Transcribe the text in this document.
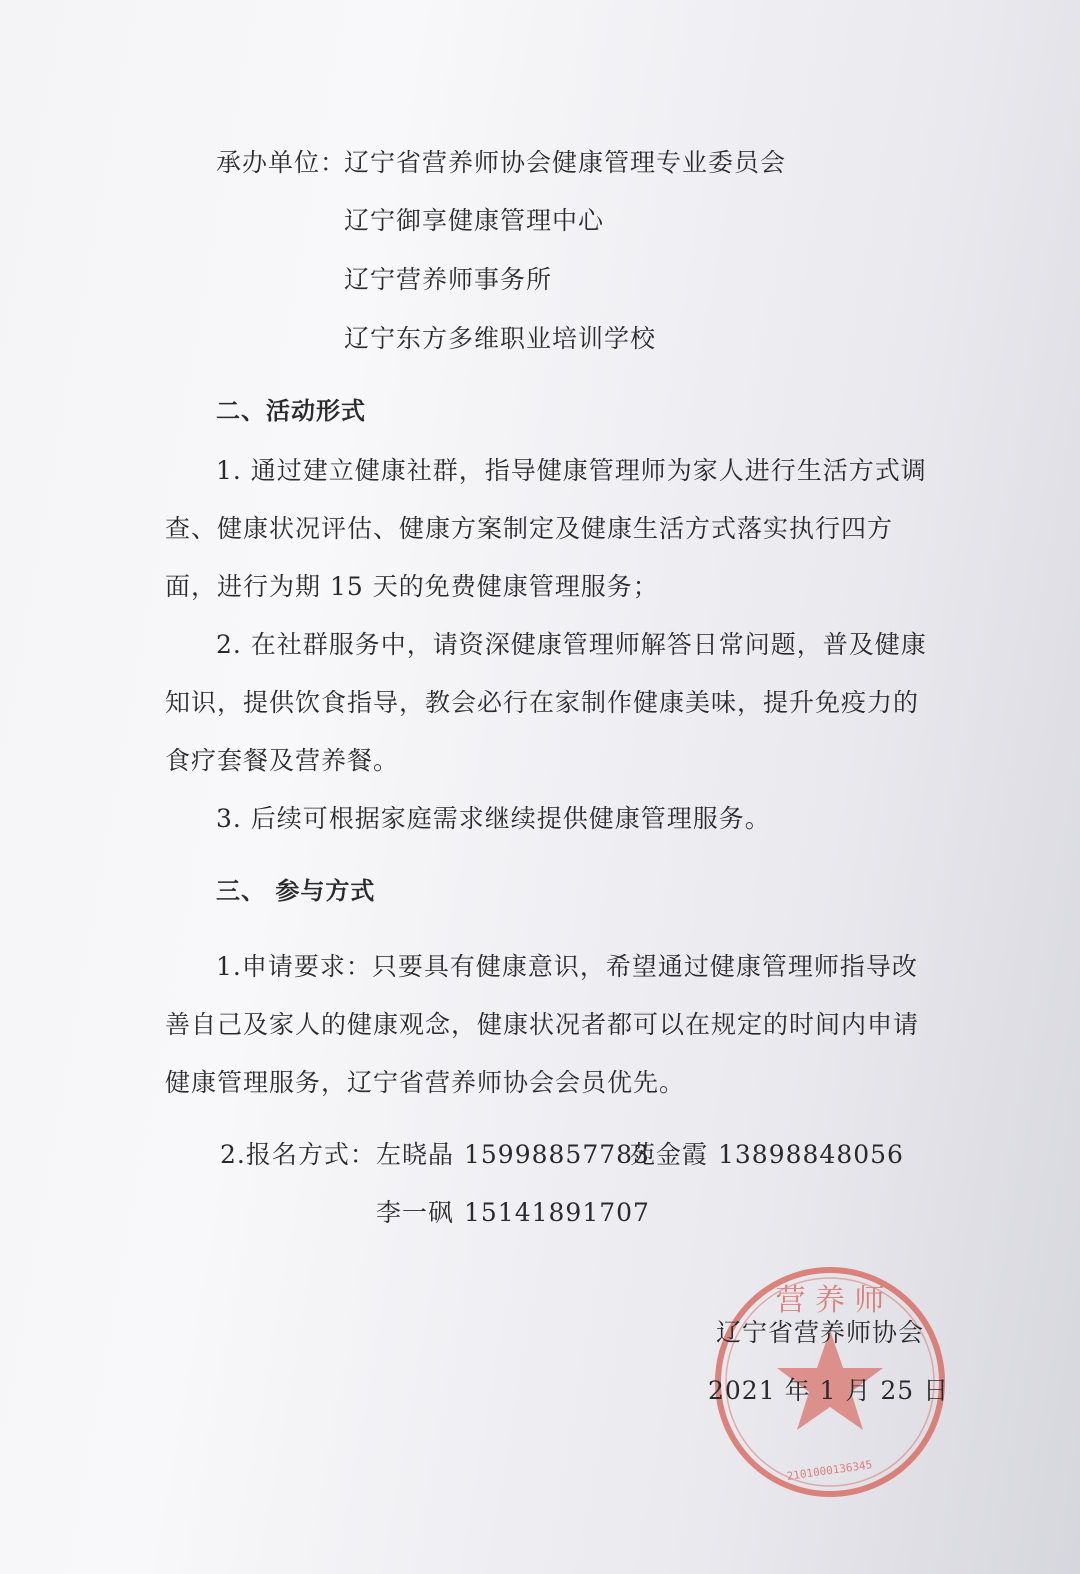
承办单位：
辽宁省营养师协会健康管理专业委员会
辽宁御享健康管理中心
辽宁营养师事务所
辽宁东方多维职业培训学校
二、活动形式
1. 通过建立健康社群，指导健康管理师为家人进行生活方式调
查、健康状况评估、健康方案制定及健康生活方式落实执行四方
面，进行为期 15 天的免费健康管理服务；
2. 在社群服务中，请资深健康管理师解答日常问题，普及健康
知识，提供饮食指导，教会必行在家制作健康美味，提升免疫力的
食疗套餐及营养餐。
3. 后续可根据家庭需求继续提供健康管理服务。
三、 参与方式
1.申请要求：只要具有健康意识，希望通过健康管理师指导改
善自己及家人的健康观念，健康状况者都可以在规定的时间内申请
健康管理服务，辽宁省营养师协会会员优先。
2.报名方式： 左晓晶 15998857783
苑金霞 13898848056
李一砜 15141891707
营 养 师
2101000136345
辽宁省营养师协会
2021 年 1 月 25 日
